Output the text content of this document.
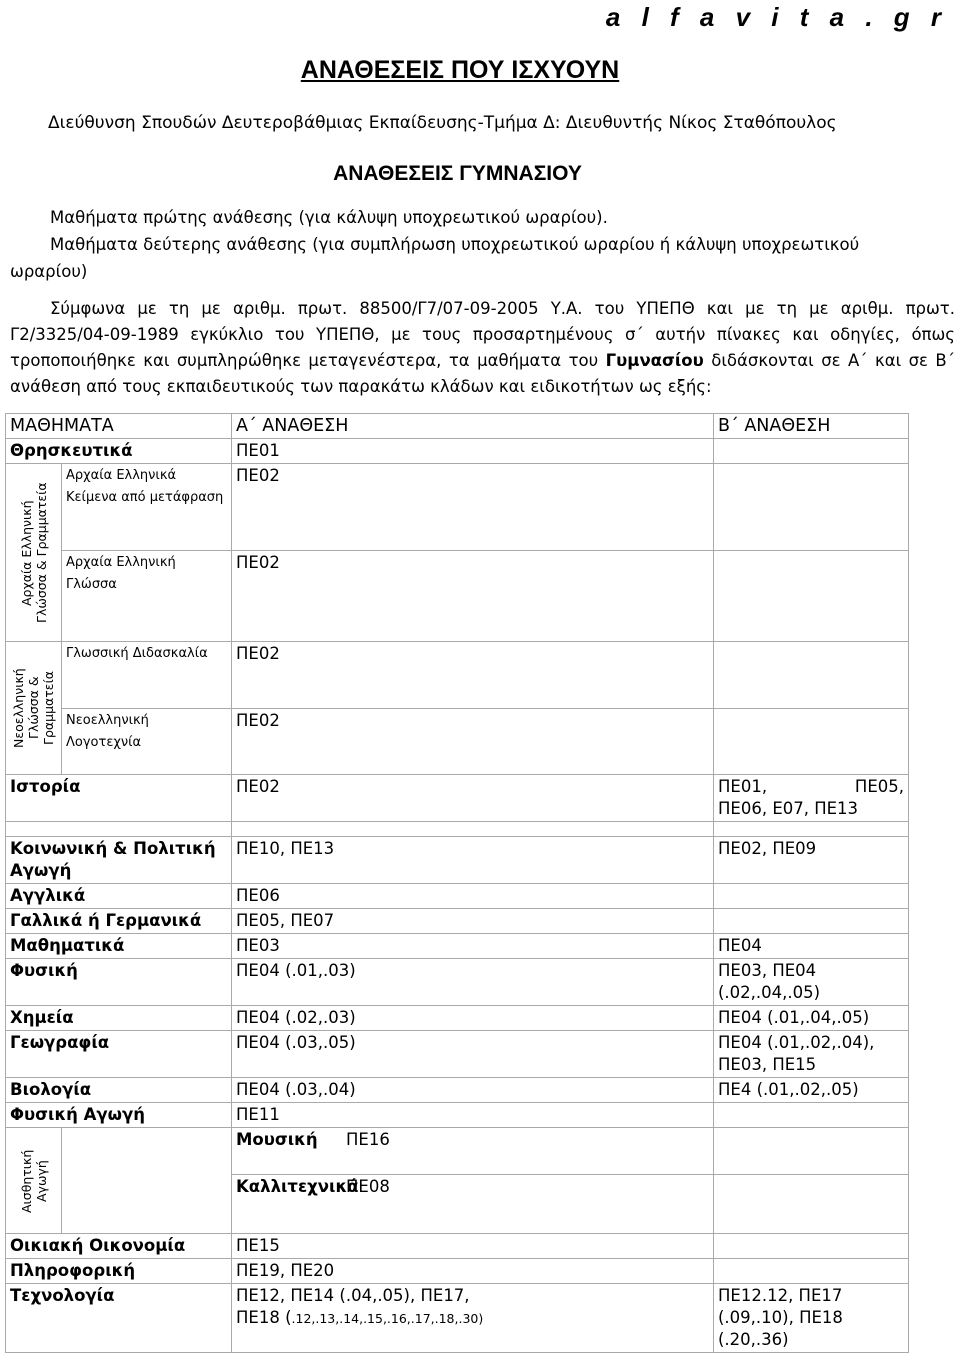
a l f a v i t a . g r
ΑΝΑΘΕΣΕΙΣ ΠΟΥ ΙΣΧΥΟΥΝ
Διεύθυνση Σπουδών Δευτεροβάθμιας Εκπαίδευσης-Τμήμα Δ: Διευθυντής Νίκος Σταθόπουλος
ΑΝΑΘΕΣΕΙΣ ΓΥΜΝΑΣΙΟΥ
Μαθήματα πρώτης ανάθεσης (για κάλυψη υποχρεωτικού ωραρίου).
Μαθήματα δεύτερης ανάθεσης (για συμπλήρωση υποχρεωτικού ωραρίου ή κάλυψη υποχρεωτικού
ωραρίου)
Σύμφωνα με τη με αριθμ. πρωτ. 88500/Γ7/07-09-2005 Υ.Α. του ΥΠΕΠΘ και με τη με αριθμ. πρωτ. Γ2/3325/04-09-1989 εγκύκλιο του ΥΠΕΠΘ, με τους προσαρτημένους σ΄ αυτήν πίνακες και οδηγίες, όπως τροποποιήθηκε και συμπληρώθηκε μεταγενέστερα, τα μαθήματα του Γυμνασίου διδάσκονται σε Α΄ και σε Β΄ ανάθεση από τους εκπαιδευτικούς των παρακάτω κλάδων και ειδικοτήτων ως εξής:
ΜΑΘΗΜΑΤΑ		Α΄ ΑΝΑΘΕΣΗ	Β΄ ΑΝΑΘΕΣΗ
Θρησκευτικά		ΠΕ01	

Αρχαία Ελληνική Γλώσσα & Γραμματεία	Αρχαία Ελληνικά Κείμενα από μετάφραση	ΠΕ02	
	Αρχαία Ελληνική Γλώσσα	ΠΕ02	

Νεοελληνική Γλώσσα & Γραμματεία	Γλωσσική Διδασκαλία	ΠΕ02	
	Νεοελληνική Λογοτεχνία	ΠΕ02	
Ιστορία		ΠΕ02	ΠΕ01, ΠΕ05,
ΠΕ06, Ε07, ΠΕ13

Κοινωνική & Πολιτική Αγωγή		ΠΕ10, ΠΕ13	ΠΕ02, ΠΕ09
Αγγλικά		ΠΕ06	
Γαλλικά ή Γερμανικά		ΠΕ05, ΠΕ07	
Μαθηματικά		ΠΕ03	ΠΕ04
Φυσική		ΠΕ04 (.01,.03)	ΠΕ03, ΠΕ04 (.02,.04,.05)
Χημεία		ΠΕ04 (.02,.03)	ΠΕ04 (.01,.04,.05)
Γεωγραφία		ΠΕ04 (.03,.05)	ΠΕ04 (.01,.02,.04), ΠΕ03, ΠΕ15
Βιολογία		ΠΕ04 (.03,.04)	ΠΕ4 (.01,.02,.05)
Φυσική Αγωγή		ΠΕ11	

Αισθητική Αγωγή		Μουσική ΠΕ16	
		ΚαλλιτεχνικάΠΕ08	
Οικιακή Οικονομία		ΠΕ15	
Πληροφορική		ΠΕ19, ΠΕ20	
Τεχνολογία		ΠΕ12, ΠΕ14 (.04,.05), ΠΕ17,
ΠΕ18 (.12,.13,.14,.15,.16,.17,.18,.30)	ΠΕ12.12, ΠΕ17 (.09,.10), ΠΕ18 (.20,.36)
